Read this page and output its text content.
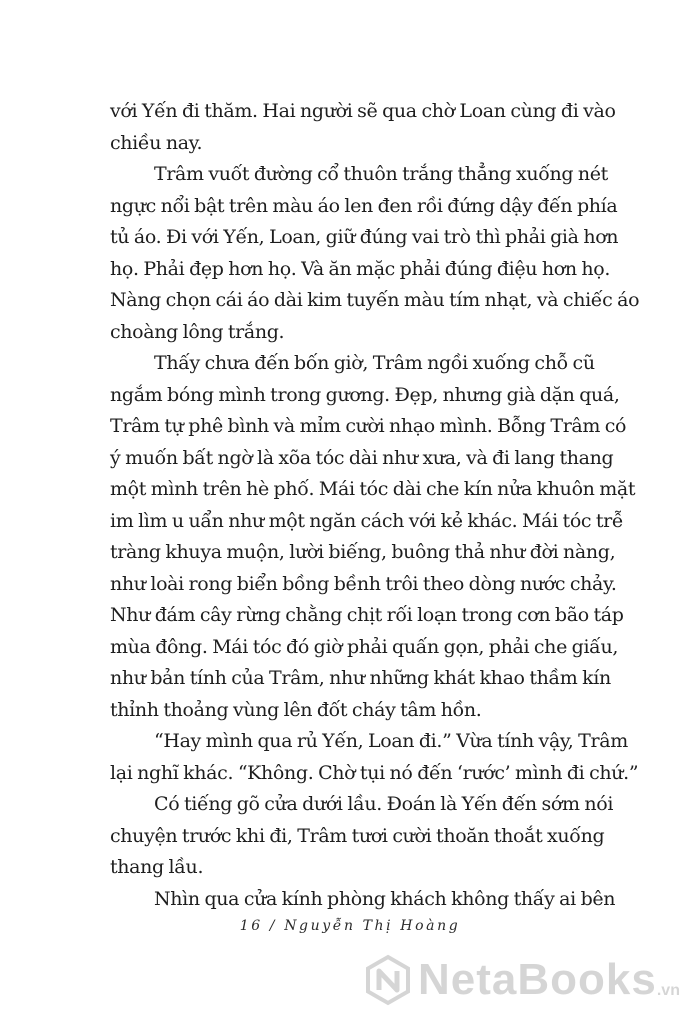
với Yến đi thăm. Hai người sẽ qua chờ Loan cùng đi vào
chiều nay.
Trâm vuốt đường cổ thuôn trắng thẳng xuống nét
ngực nổi bật trên màu áo len đen rồi đứng dậy đến phía
tủ áo. Đi với Yến, Loan, giữ đúng vai trò thì phải già hơn
họ. Phải đẹp hơn họ. Và ăn mặc phải đúng điệu hơn họ.
Nàng chọn cái áo dài kim tuyến màu tím nhạt, và chiếc áo
choàng lông trắng.
Thấy chưa đến bốn giờ, Trâm ngồi xuống chỗ cũ
ngắm bóng mình trong gương. Đẹp, nhưng già dặn quá,
Trâm tự phê bình và mỉm cười nhạo mình. Bỗng Trâm có
ý muốn bất ngờ là xõa tóc dài như xưa, và đi lang thang
một mình trên hè phố. Mái tóc dài che kín nửa khuôn mặt
im lìm u uẩn như một ngăn cách với kẻ khác. Mái tóc trễ
tràng khuya muộn, lười biếng, buông thả như đời nàng,
như loài rong biển bồng bềnh trôi theo dòng nước chảy.
Như đám cây rừng chằng chịt rối loạn trong cơn bão táp
mùa đông. Mái tóc đó giờ phải quấn gọn, phải che giấu,
như bản tính của Trâm, như những khát khao thầm kín
thỉnh thoảng vùng lên đốt cháy tâm hồn.
“Hay mình qua rủ Yến, Loan đi.” Vừa tính vậy, Trâm
lại nghĩ khác. “Không. Chờ tụi nó đến ‘rước’ mình đi chứ.”
Có tiếng gõ cửa dưới lầu. Đoán là Yến đến sớm nói
chuyện trước khi đi, Trâm tươi cười thoăn thoắt xuống
thang lầu.
Nhìn qua cửa kính phòng khách không thấy ai bên
16 / Nguyễn Thị Hoàng
NetaBooks .vn
